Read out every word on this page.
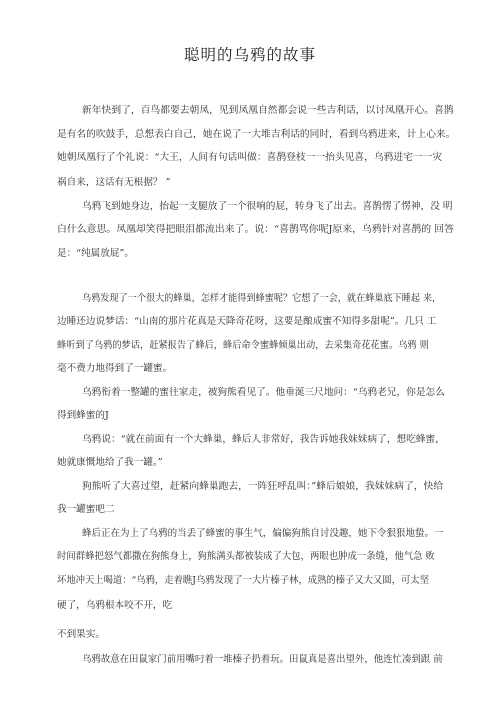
聪明的乌鸦的故事
新年快到了，百鸟都要去朝凤，见到凤凰自然都会说一些吉利话，以讨凤凰开心。喜鹊
是有名的吹鼓手，总想表白自己，她在说了一大堆吉利话的同时，看到乌鸦进来，计上心来。
她朝凤凰行了个礼说：“大王，人间有句话叫做：喜鹊登枝一一抬头见喜，乌鸦进宅一一灾
祸自来，这话有无根据？ ”
乌鸦飞到她身边，抬起一支腿放了一个很响的屁，转身飞了出去。喜鹊愣了愣神，没 明
白什么意思。凤凰却笑得把眼泪都流出来了。说：“喜鹊骂你呢J原来，乌鸦针对喜鹊的 回答
是：“纯属放屁”。
乌鸦发现了一个很大的蜂巢，怎样才能得到蜂蜜呢？它想了一会，就在蜂巢底下睡起 来，
边睡还边说梦话：“山南的那片花真是天降奇花呀，这要是酿成蜜不知得多甜呢”。几只 工
蜂听到了乌鸦的梦话，赶紧报告了蜂后，蜂后命令蜜蜂倾巢出动，去采集奇花花蜜。乌鸦 则
毫不费力地得到了一罐蜜。
乌鸦衔着一整罐的蜜往家走，被狗熊看见了。他垂涎三尺地问：“乌鸦老兄，你是怎么
得到蜂蜜的J
乌鸦说：“就在前面有一个大蜂巢，蜂后人非常好，我告诉她我妹妹病了，想吃蜂蜜，
她就康慨地给了我一罐。”
狗熊听了大喜过望，赶紧向蜂巢跑去，一阵狂呼乱叫：”蜂后娘娘，我妹妹病了，快给
我一罐蜜吧二
蜂后正在为上了乌鸦的当丢了蜂蜜的事生气，偏偏狗熊自讨没趣，她下令狠狠地蛰。一
时间群蜂把怒气都撒在狗熊身上，狗熊满头都被装成了大包，两眼也肿成一条缝，他气急 败
坏地冲天上喝道：“乌鸦，走着瞧J乌鸦发现了一大片榛子林，成熟的榛子又大又圆，可太坚
硬了，乌鸦根本咬不开，吃
不到果实。
乌鸦故意在田鼠家门前用嘴叼着一堆榛子扔着玩。田鼠真是喜出望外，他连忙凑到跟 前
